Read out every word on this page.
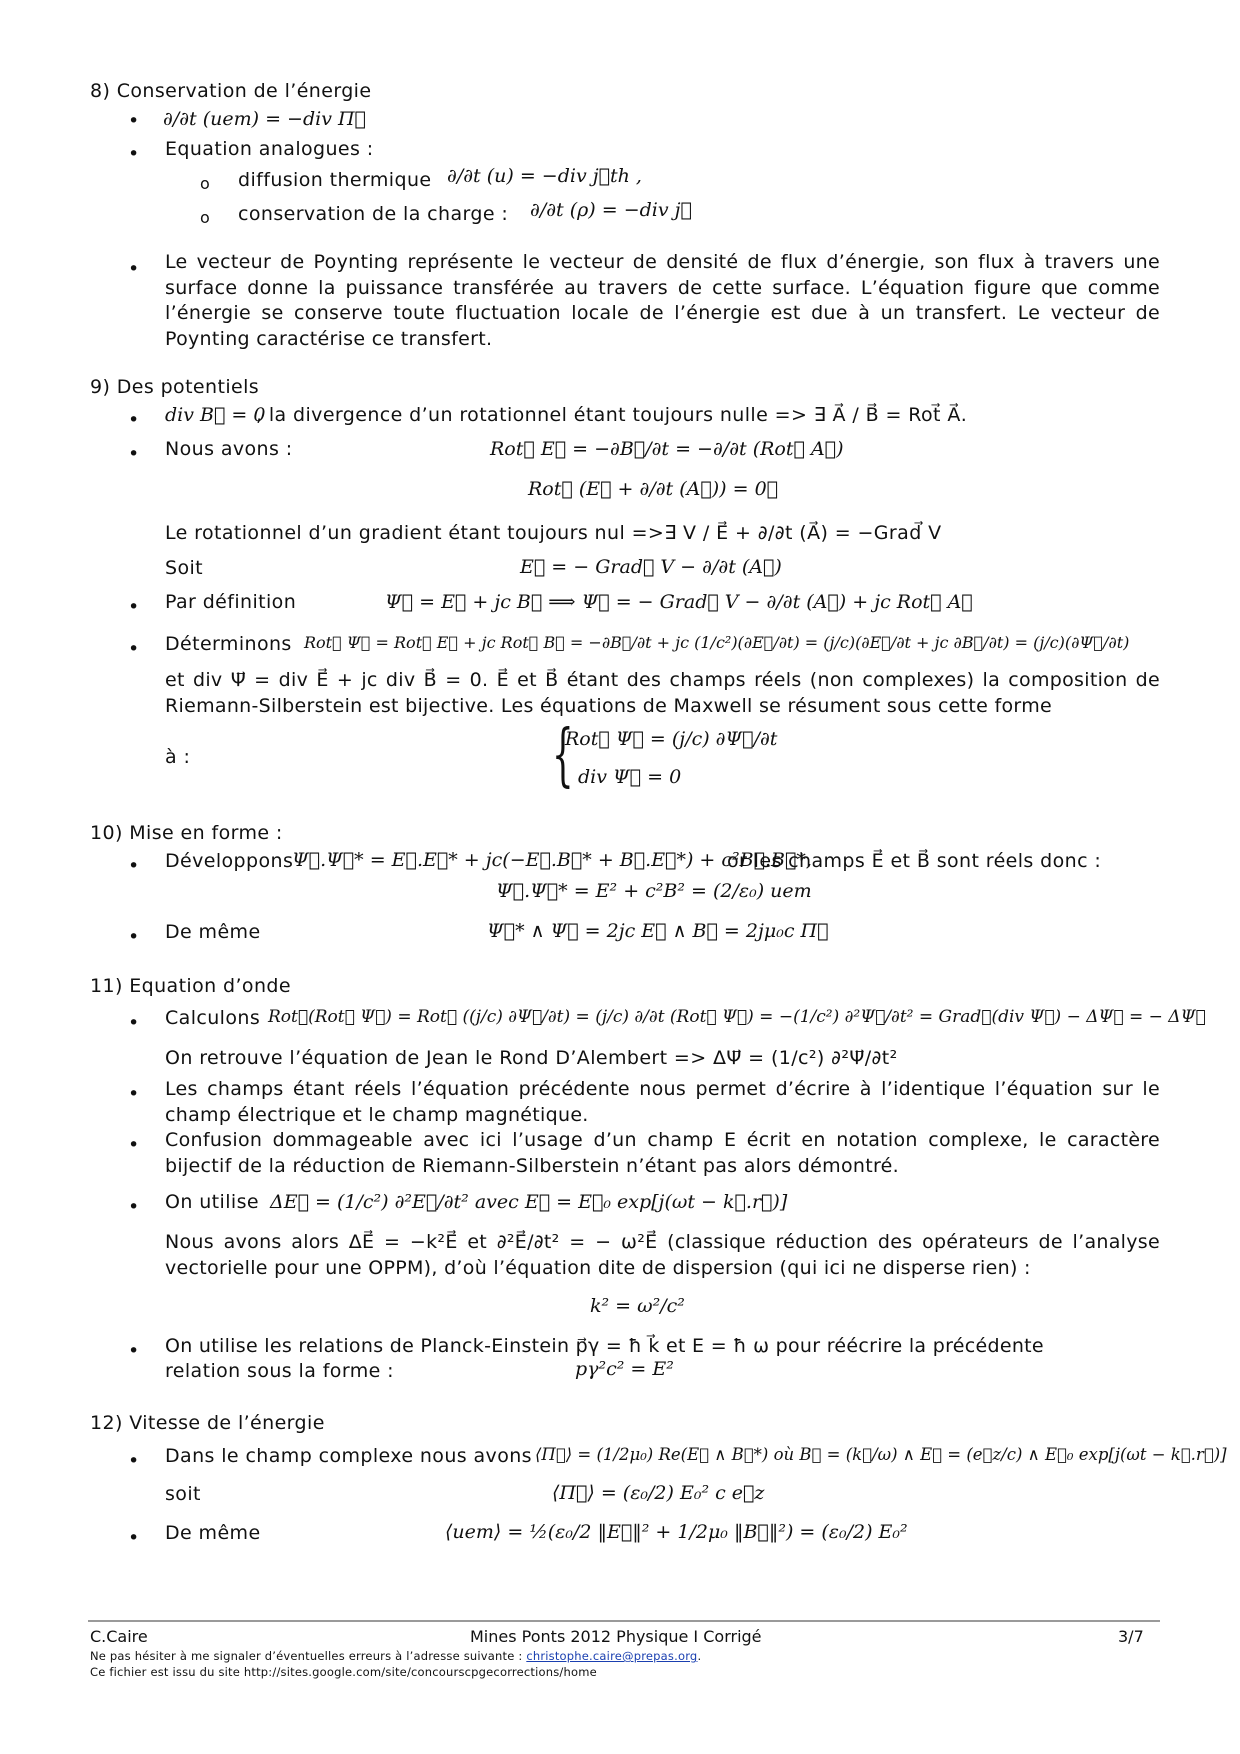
8) Conservation de l’énergie
• ∂/∂t (uem) = −div Π⃗
• Equation analogues :
o diffusion thermique ∂/∂t (u) = −div j⃗th ,
o conservation de la charge : ∂/∂t (ρ) = −div j⃗
• Le vecteur de Poynting représente le vecteur de densité de flux d’énergie, son flux à travers une surface donne la puissance transférée au travers de cette surface. L’équation figure que comme l’énergie se conserve toute fluctuation locale de l’énergie est due à un transfert. Le vecteur de Poynting caractérise ce transfert.
9) Des potentiels
• div B⃗ = 0
, la divergence d’un rotationnel étant toujours nulle => ∃ A⃗ / B⃗ = Rot⃗ A⃗.
• Nous avons :	Rot⃗ E⃗ = −∂B⃗/∂t = −∂/∂t (Rot⃗ A⃗)
Rot⃗ (E⃗ + ∂/∂t (A⃗)) = 0⃗
Le rotationnel d’un gradient étant toujours nul =>∃ V / E⃗ + ∂/∂t (A⃗) = −Grad⃗ V
Soit	E⃗ = − Grad⃗ V − ∂/∂t (A⃗)
• Par définition	Ψ⃗ = E⃗ + jc B⃗ ⟹ Ψ⃗ = − Grad⃗ V − ∂/∂t (A⃗) + jc Rot⃗ A⃗
• Déterminons Rot⃗ Ψ⃗ = Rot⃗ E⃗ + jc Rot⃗ B⃗ = −∂B⃗/∂t + jc (1/c²)(∂E⃗/∂t) = (j/c)(∂E⃗/∂t + jc ∂B⃗/∂t) = (j/c)(∂Ψ⃗/∂t)
et div Ψ⃗ = div E⃗ + jc div B⃗ = 0. E⃗ et B⃗ étant des champs réels (non complexes) la composition de Riemann-Silberstein est bijective. Les équations de Maxwell se résument sous cette forme
à :	{
Rot⃗ Ψ⃗ = (j/c) ∂Ψ⃗/∂t
div Ψ⃗ = 0
10) Mise en forme :
• Développons
Ψ⃗.Ψ⃗* = E⃗.E⃗* + jc(−E⃗.B⃗* + B⃗.E⃗*) + c²B⃗.B⃗*,
or les champs E⃗ et B⃗ sont réels donc :
Ψ⃗.Ψ⃗* = E² + c²B² = (2/ε₀) uem
• De même	Ψ⃗* ∧ Ψ⃗ = 2jc E⃗ ∧ B⃗ = 2jμ₀c Π⃗
11) Equation d’onde
• Calculons Rot⃗(Rot⃗ Ψ⃗) = Rot⃗ ((j/c) ∂Ψ⃗/∂t) = (j/c) ∂/∂t (Rot⃗ Ψ⃗) = −(1/c²) ∂²Ψ⃗/∂t² = Grad⃗(div Ψ⃗) − ΔΨ⃗ = − ΔΨ⃗
On retrouve l’équation de Jean le Rond D’Alembert => ΔΨ⃗ = (1/c²) ∂²Ψ⃗/∂t²
• Les champs étant réels l’équation précédente nous permet d’écrire à l’identique l’équation sur le champ électrique et le champ magnétique.
• Confusion dommageable avec ici l’usage d’un champ E écrit en notation complexe, le caractère bijectif de la réduction de Riemann-Silberstein n’étant pas alors démontré.
• On utilise ΔE⃗ = (1/c²) ∂²E⃗/∂t² avec E⃗ = E⃗₀ exp[j(ωt − k⃗.r⃗)]
Nous avons alors ΔE⃗ = −k²E⃗ et ∂²E⃗/∂t² = − ω²E⃗ (classique réduction des opérateurs de l’analyse vectorielle pour une OPPM), d’où l’équation dite de dispersion (qui ici ne disperse rien) :
k² = ω²/c²
• On utilise les relations de Planck-Einstein p⃗γ = ħ k⃗ et E = ħ ω pour réécrire la précédente
relation sous la forme :	pγ²c² = E²
12) Vitesse de l’énergie
• Dans le champ complexe nous avons ⟨Π⃗⟩ = (1/2μ₀) Re(E⃗ ∧ B⃗*) où B⃗ = (k⃗/ω) ∧ E⃗ = (e⃗z/c) ∧ E⃗₀ exp[j(ωt − k⃗.r⃗)]
soit	⟨Π⃗⟩ = (ε₀/2) E₀² c e⃗z
• De même	⟨uem⟩ = ½(ε₀/2 ‖E⃗‖² + 1/2μ₀ ‖B⃗‖²) = (ε₀/2) E₀²
C.Caire	Mines Ponts 2012 Physique I Corrigé	3/7
Ne pas hésiter à me signaler d’éventuelles erreurs à l’adresse suivante : christophe.caire@prepas.org.
Ce fichier est issu du site http://sites.google.com/site/concourscpgecorrections/home
